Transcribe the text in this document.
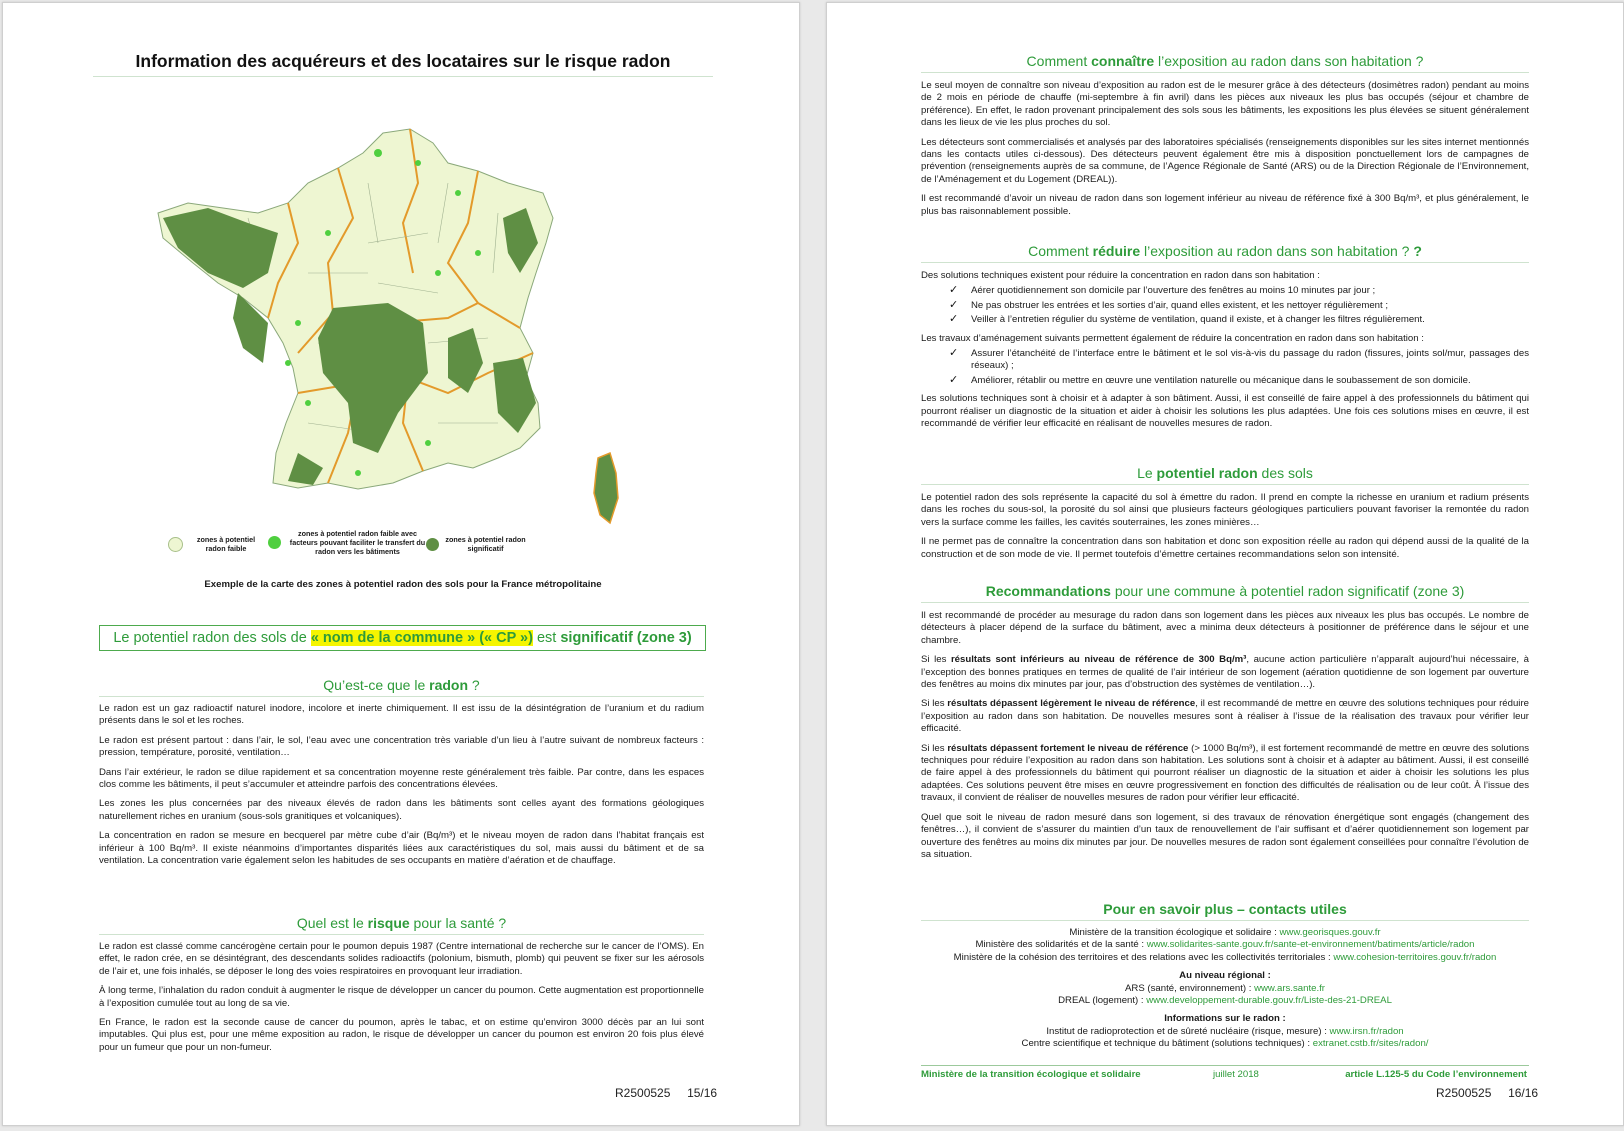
Information des acquéreurs et des locataires sur le risque radon
zones à potentiel radon faible
zones à potentiel radon faible avec facteurs pouvant faciliter le transfert du radon vers les bâtiments
zones à potentiel radon significatif
Exemple de la carte des zones à potentiel radon des sols pour la France métropolitaine
Le potentiel radon des sols de « nom de la commune » (« CP ») est significatif (zone 3)
Qu’est-ce que le radon ?

Le radon est un gaz radioactif naturel inodore, incolore et inerte chimiquement. Il est issu de la désintégration de l’uranium et du radium présents dans le sol et les roches.

Le radon est présent partout : dans l’air, le sol, l’eau avec une concentration très variable d’un lieu à l’autre suivant de nombreux facteurs : pression, température, porosité, ventilation…

Dans l’air extérieur, le radon se dilue rapidement et sa concentration moyenne reste généralement très faible. Par contre, dans les espaces clos comme les bâtiments, il peut s’accumuler et atteindre parfois des concentrations élevées.

Les zones les plus concernées par des niveaux élevés de radon dans les bâtiments sont celles ayant des formations géologiques naturellement riches en uranium (sous-sols granitiques et volcaniques).

La concentration en radon se mesure en becquerel par mètre cube d’air (Bq/m³) et le niveau moyen de radon dans l’habitat français est inférieur à 100 Bq/m³. Il existe néanmoins d’importantes disparités liées aux caractéristiques du sol, mais aussi du bâtiment et de sa ventilation. La concentration varie également selon les habitudes de ses occupants en matière d’aération et de chauffage.

Quel est le risque pour la santé ?

Le radon est classé comme cancérogène certain pour le poumon depuis 1987 (Centre international de recherche sur le cancer de l’OMS). En effet, le radon crée, en se désintégrant, des descendants solides radioactifs (polonium, bismuth, plomb) qui peuvent se fixer sur les aérosols de l’air et, une fois inhalés, se déposer le long des voies respiratoires en provoquant leur irradiation.

À long terme, l’inhalation du radon conduit à augmenter le risque de développer un cancer du poumon. Cette augmentation est proportionnelle à l’exposition cumulée tout au long de sa vie.

En France, le radon est la seconde cause de cancer du poumon, après le tabac, et on estime qu’environ 3000 décès par an lui sont imputables. Qui plus est, pour une même exposition au radon, le risque de développer un cancer du poumon est environ 20 fois plus élevé pour un fumeur que pour un non-fumeur.

R2500525 15/16
Comment connaître l’exposition au radon dans son habitation ?

Le seul moyen de connaître son niveau d’exposition au radon est de le mesurer grâce à des détecteurs (dosimètres radon) pendant au moins de 2 mois en période de chauffe (mi-septembre à fin avril) dans les pièces aux niveaux les plus bas occupés (séjour et chambre de préférence). En effet, le radon provenant principalement des sols sous les bâtiments, les expositions les plus élevées se situent généralement dans les lieux de vie les plus proches du sol.

Les détecteurs sont commercialisés et analysés par des laboratoires spécialisés (renseignements disponibles sur les sites internet mentionnés dans les contacts utiles ci-dessous). Des détecteurs peuvent également être mis à disposition ponctuellement lors de campagnes de prévention (renseignements auprès de sa commune, de l’Agence Régionale de Santé (ARS) ou de la Direction Régionale de l’Environnement, de l’Aménagement et du Logement (DREAL)).

Il est recommandé d’avoir un niveau de radon dans son logement inférieur au niveau de référence fixé à 300 Bq/m³, et plus généralement, le plus bas raisonnablement possible.

Comment réduire l’exposition au radon dans son habitation ? ?

Des solutions techniques existent pour réduire la concentration en radon dans son habitation :

✓ Aérer quotidiennement son domicile par l’ouverture des fenêtres au moins 10 minutes par jour ;
✓ Ne pas obstruer les entrées et les sorties d’air, quand elles existent, et les nettoyer régulièrement ;
✓ Veiller à l’entretien régulier du système de ventilation, quand il existe, et à changer les filtres régulièrement.

Les travaux d’aménagement suivants permettent également de réduire la concentration en radon dans son habitation :

✓ Assurer l’étanchéité de l’interface entre le bâtiment et le sol vis-à-vis du passage du radon (fissures, joints sol/mur, passages des réseaux) ;
✓ Améliorer, rétablir ou mettre en œuvre une ventilation naturelle ou mécanique dans le soubassement de son domicile.

Les solutions techniques sont à choisir et à adapter à son bâtiment. Aussi, il est conseillé de faire appel à des professionnels du bâtiment qui pourront réaliser un diagnostic de la situation et aider à choisir les solutions les plus adaptées. Une fois ces solutions mises en œuvre, il est recommandé de vérifier leur efficacité en réalisant de nouvelles mesures de radon.

Le potentiel radon des sols

Le potentiel radon des sols représente la capacité du sol à émettre du radon. Il prend en compte la richesse en uranium et radium présents dans les roches du sous-sol, la porosité du sol ainsi que plusieurs facteurs géologiques particuliers pouvant favoriser la remontée du radon vers la surface comme les failles, les cavités souterraines, les zones minières…

Il ne permet pas de connaître la concentration dans son habitation et donc son exposition réelle au radon qui dépend aussi de la qualité de la construction et de son mode de vie. Il permet toutefois d’émettre certaines recommandations selon son intensité.

Recommandations pour une commune à potentiel radon significatif (zone 3)

Il est recommandé de procéder au mesurage du radon dans son logement dans les pièces aux niveaux les plus bas occupés. Le nombre de détecteurs à placer dépend de la surface du bâtiment, avec a minima deux détecteurs à positionner de préférence dans le séjour et une chambre.

Si les résultats sont inférieurs au niveau de référence de 300 Bq/m³, aucune action particulière n’apparaît aujourd’hui nécessaire, à l’exception des bonnes pratiques en termes de qualité de l’air intérieur de son logement (aération quotidienne de son logement par ouverture des fenêtres au moins dix minutes par jour, pas d’obstruction des systèmes de ventilation…).

Si les résultats dépassent légèrement le niveau de référence, il est recommandé de mettre en œuvre des solutions techniques pour réduire l’exposition au radon dans son habitation. De nouvelles mesures sont à réaliser à l’issue de la réalisation des travaux pour vérifier leur efficacité.

Si les résultats dépassent fortement le niveau de référence (> 1000 Bq/m³), il est fortement recommandé de mettre en œuvre des solutions techniques pour réduire l’exposition au radon dans son habitation. Les solutions sont à choisir et à adapter au bâtiment. Aussi, il est conseillé de faire appel à des professionnels du bâtiment qui pourront réaliser un diagnostic de la situation et aider à choisir les solutions les plus adaptées. Ces solutions peuvent être mises en œuvre progressivement en fonction des difficultés de réalisation ou de leur coût. À l’issue des travaux, il convient de réaliser de nouvelles mesures de radon pour vérifier leur efficacité.

Quel que soit le niveau de radon mesuré dans son logement, si des travaux de rénovation énergétique sont engagés (changement des fenêtres…), il convient de s’assurer du maintien d’un taux de renouvellement de l’air suffisant et d’aérer quotidiennement son logement par ouverture des fenêtres au moins dix minutes par jour. De nouvelles mesures de radon sont également conseillées pour connaître l’évolution de sa situation.

Pour en savoir plus – contacts utiles
Ministère de la transition écologique et solidaire : www.georisques.gouv.fr
Ministère des solidarités et de la santé : www.solidarites-sante.gouv.fr/sante-et-environnement/batiments/article/radon
Ministère de la cohésion des territoires et des relations avec les collectivités territoriales : www.cohesion-territoires.gouv.fr/radon
Au niveau régional :
ARS (santé, environnement) : www.ars.sante.fr
DREAL (logement) : www.developpement-durable.gouv.fr/Liste-des-21-DREAL
Informations sur le radon :
Institut de radioprotection et de sûreté nucléaire (risque, mesure) : www.irsn.fr/radon
Centre scientifique et technique du bâtiment (solutions techniques) : extranet.cstb.fr/sites/radon/
Ministère de la transition écologique et solidaire	juillet 2018	article L.125-5 du Code l’environnement
R2500525 16/16
